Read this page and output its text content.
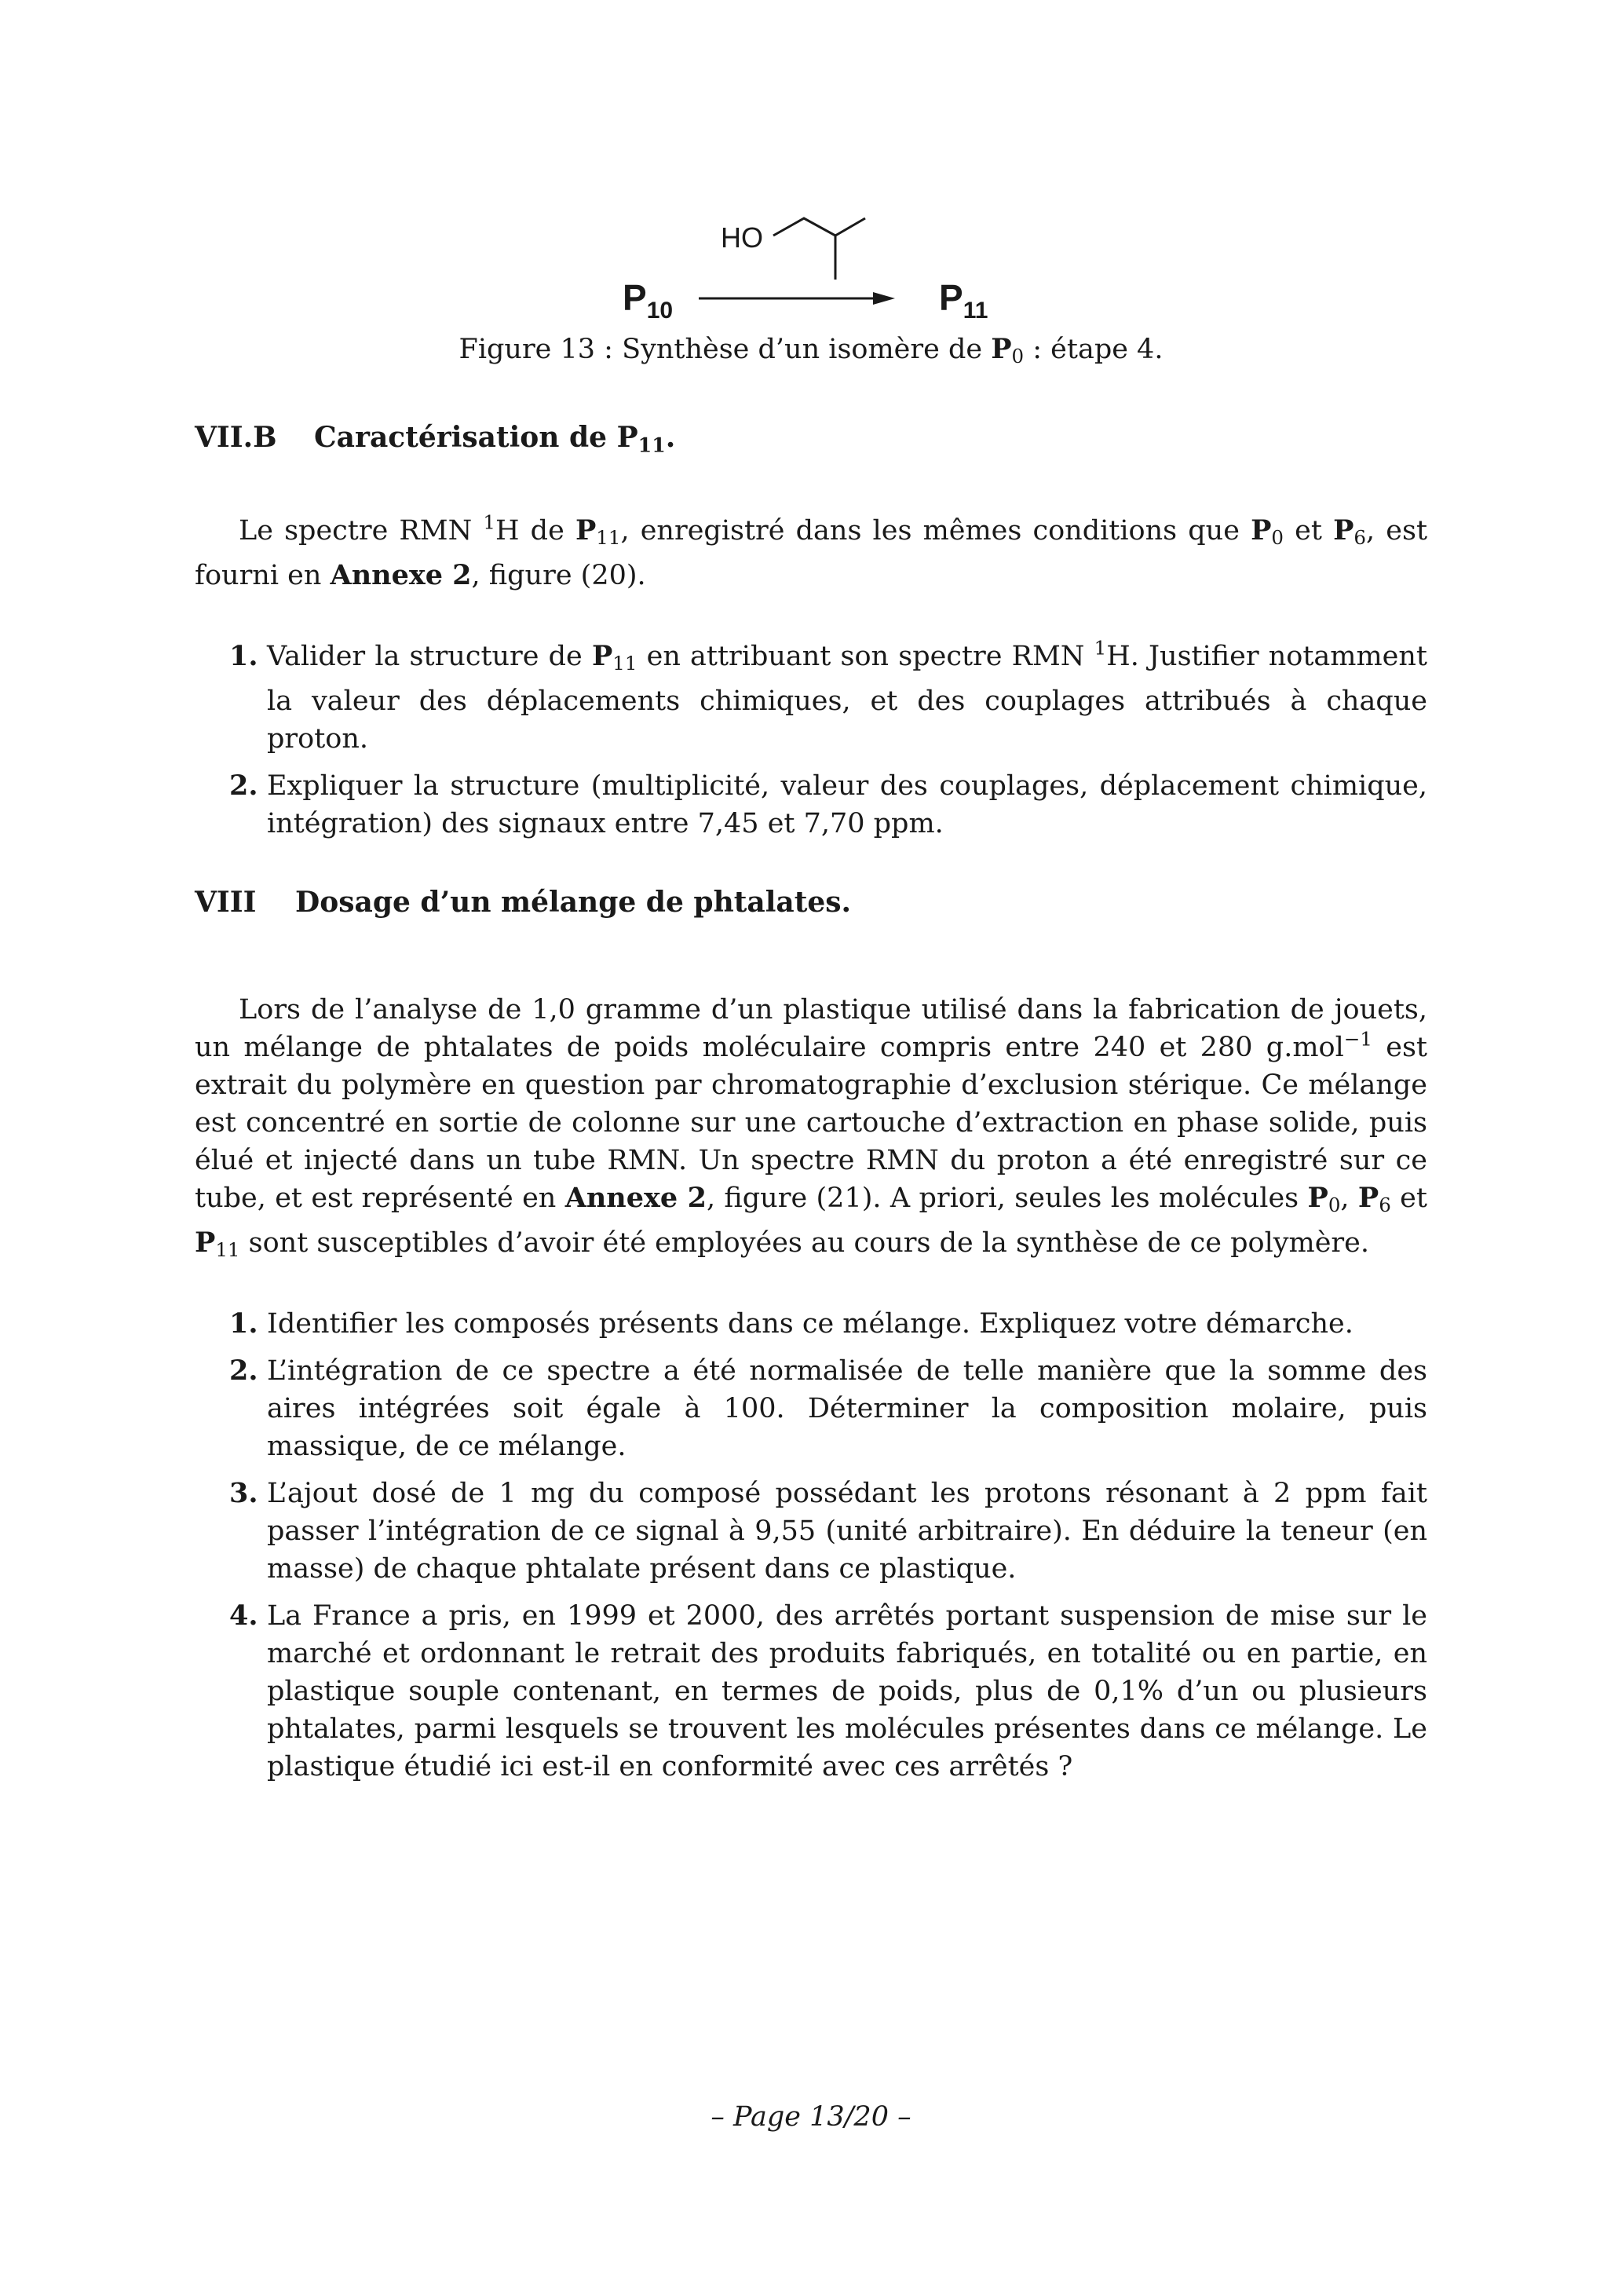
HO
$P_{10}$	$P_{11}$
Figure 13 : Synthèse d’un isomère de $P_0$ : étape 4.
VII.B Caractérisation de $P_{11}$.

Le spectre RMN $^1$H de $P_{11}$, enregistré dans les mêmes conditions que $P_0$ et $P_6$, est fourni en Annexe 2, figure (20).

1. Valider la structure de $P_{11}$ en attribuant son spectre RMN $^1$H. Justifier notamment la valeur des déplacements chimiques, et des couplages attribués à chaque proton.
2. Expliquer la structure (multiplicité, valeur des couplages, déplacement chimique, intégration) des signaux entre 7,45 et 7,70 ppm.
VIII Dosage d’un mélange de phtalates.

Lors de l’analyse de 1,0 gramme d’un plastique utilisé dans la fabrication de jouets, un mélange de phtalates de poids moléculaire compris entre 240 et 280 g.mol$^{-1}$ est extrait du polymère en question par chromatographie d’exclusion stérique. Ce mélange est concentré en sortie de colonne sur une cartouche d’extraction en phase solide, puis élué et injecté dans un tube RMN. Un spectre RMN du proton a été enregistré sur ce tube, et est représenté en Annexe 2, figure (21). A priori, seules les molécules $P_0$, $P_6$ et $P_{11}$ sont susceptibles d’avoir été employées au cours de la synthèse de ce polymère.

1. Identifier les composés présents dans ce mélange. Expliquez votre démarche.
2. L’intégration de ce spectre a été normalisée de telle manière que la somme des aires intégrées soit égale à 100. Déterminer la composition molaire, puis massique, de ce mélange.
3. L’ajout dosé de 1 mg du composé possédant les protons résonant à 2 ppm fait passer l’intégration de ce signal à 9,55 (unité arbitraire). En déduire la teneur (en masse) de chaque phtalate présent dans ce plastique.
4. La France a pris, en 1999 et 2000, des arrêtés portant suspension de mise sur le marché et ordonnant le retrait des produits fabriqués, en totalité ou en partie, en plastique souple contenant, en termes de poids, plus de 0,1% d’un ou plusieurs phtalates, parmi lesquels se trouvent les molécules présentes dans ce mélange. Le plastique étudié ici est-il en conformité avec ces arrêtés ?
– Page 13/20 –
